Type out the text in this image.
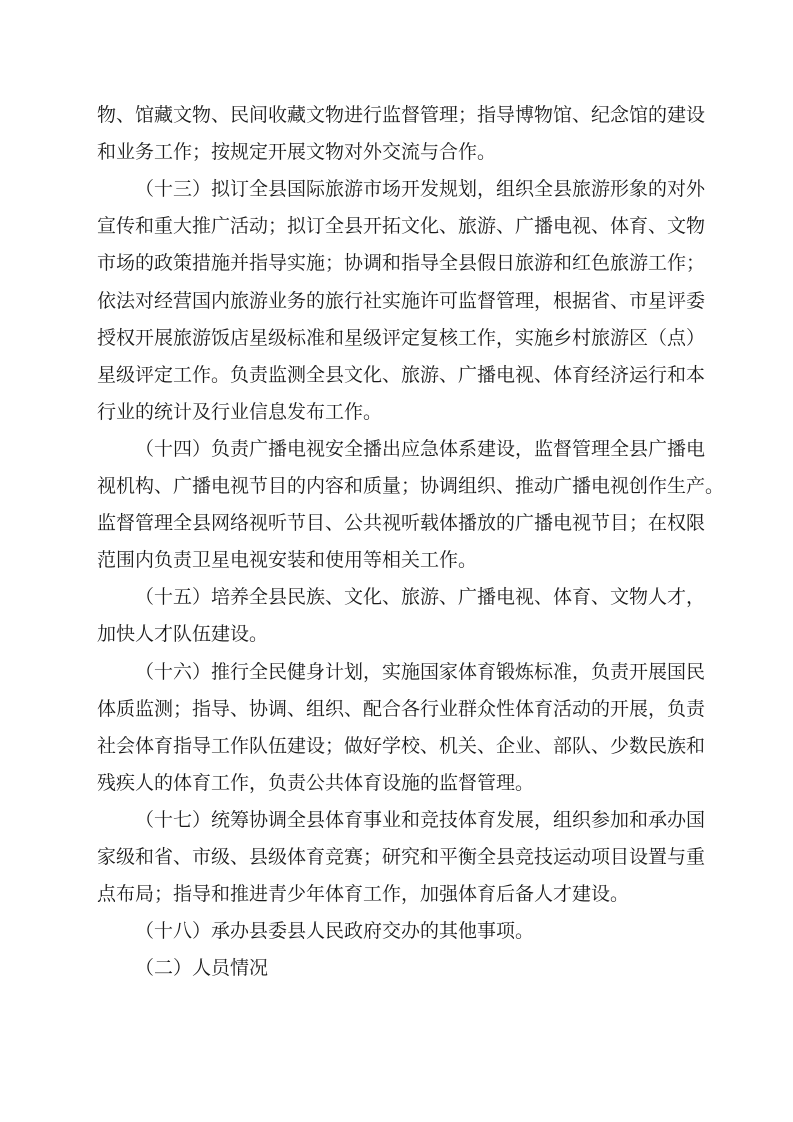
物、馆藏文物、民间收藏文物进行监督管理；指导博物馆、纪念馆的建设
和业务工作；按规定开展文物对外交流与合作。
（十三）拟订全县国际旅游市场开发规划，组织全县旅游形象的对外
宣传和重大推广活动；拟订全县开拓文化、旅游、广播电视、体育、文物
市场的政策措施并指导实施；协调和指导全县假日旅游和红色旅游工作；
依法对经营国内旅游业务的旅行社实施许可监督管理，根据省、市星评委
授权开展旅游饭店星级标准和星级评定复核工作，实施乡村旅游区（点）
星级评定工作。负责监测全县文化、旅游、广播电视、体育经济运行和本
行业的统计及行业信息发布工作。
（十四）负责广播电视安全播出应急体系建设，监督管理全县广播电
视机构、广播电视节目的内容和质量；协调组织、推动广播电视创作生产。
监督管理全县网络视听节目、公共视听载体播放的广播电视节目；在权限
范围内负责卫星电视安装和使用等相关工作。
（十五）培养全县民族、文化、旅游、广播电视、体育、文物人才，
加快人才队伍建设。
（十六）推行全民健身计划，实施国家体育锻炼标准，负责开展国民
体质监测；指导、协调、组织、配合各行业群众性体育活动的开展，负责
社会体育指导工作队伍建设；做好学校、机关、企业、部队、少数民族和
残疾人的体育工作，负责公共体育设施的监督管理。
（十七）统筹协调全县体育事业和竞技体育发展，组织参加和承办国
家级和省、市级、县级体育竞赛；研究和平衡全县竞技运动项目设置与重
点布局；指导和推进青少年体育工作，加强体育后备人才建设。
（十八）承办县委县人民政府交办的其他事项。
（二）人员情况
